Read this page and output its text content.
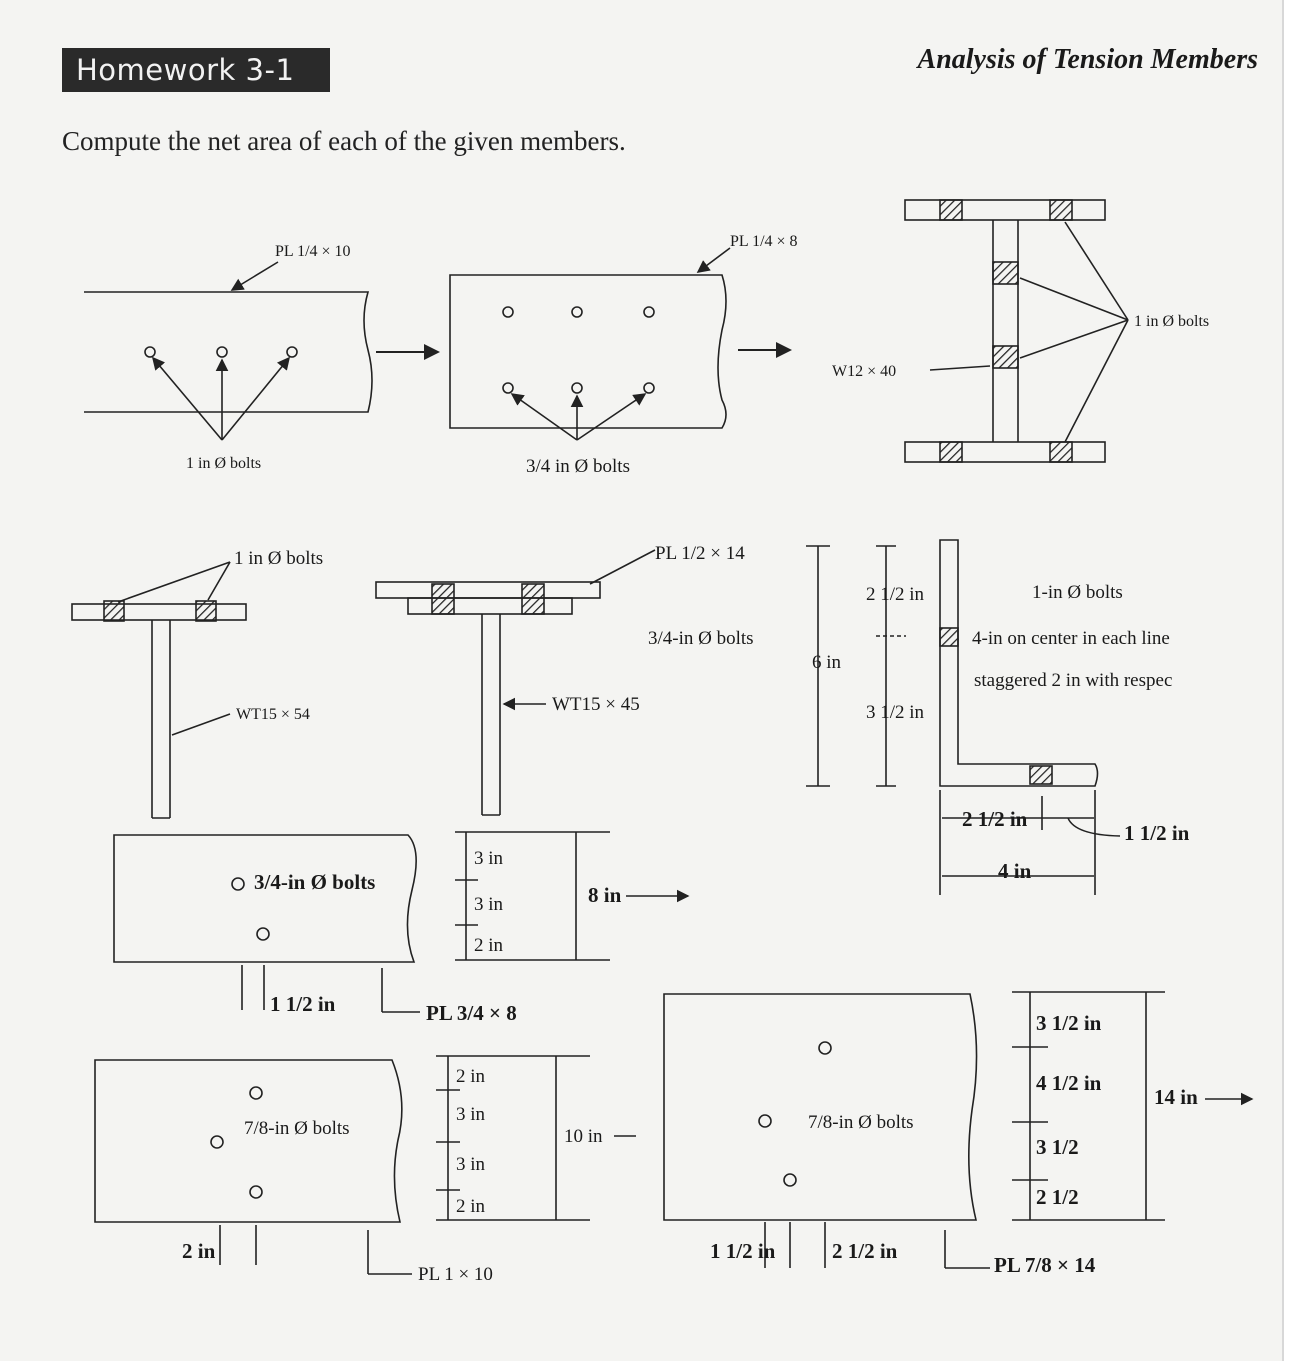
Homework 3-1	Analysis of Tension Members
Compute the net area of each of the given members.
PL 1/4 × 10
PL 1/4 × 8
1 in Ø bolts	3/4 in Ø bolts
W12 × 40
1 in Ø bolts
1 in Ø bolts
WT15 × 54
PL 1/2 × 14
3/4-in Ø bolts
WT15 × 45
2 1/2 in
6 in
3 1/2 in
1-in Ø bolts
4-in on center in each line
staggered 2 in with respec
2 1/2 in
1 1/2 in
4 in
3/4-in Ø bolts
3 in
3 in
2 in
8 in
1 1/2 in	PL 3/4 × 8
7/8-in Ø bolts
2 in
3 in
3 in
2 in
10 in
2 in
PL 1 × 10
7/8-in Ø bolts
3 1/2 in
4 1/2 in
3 1/2
2 1/2
14 in
1 1/2 in	2 1/2 in
PL 7/8 × 14
